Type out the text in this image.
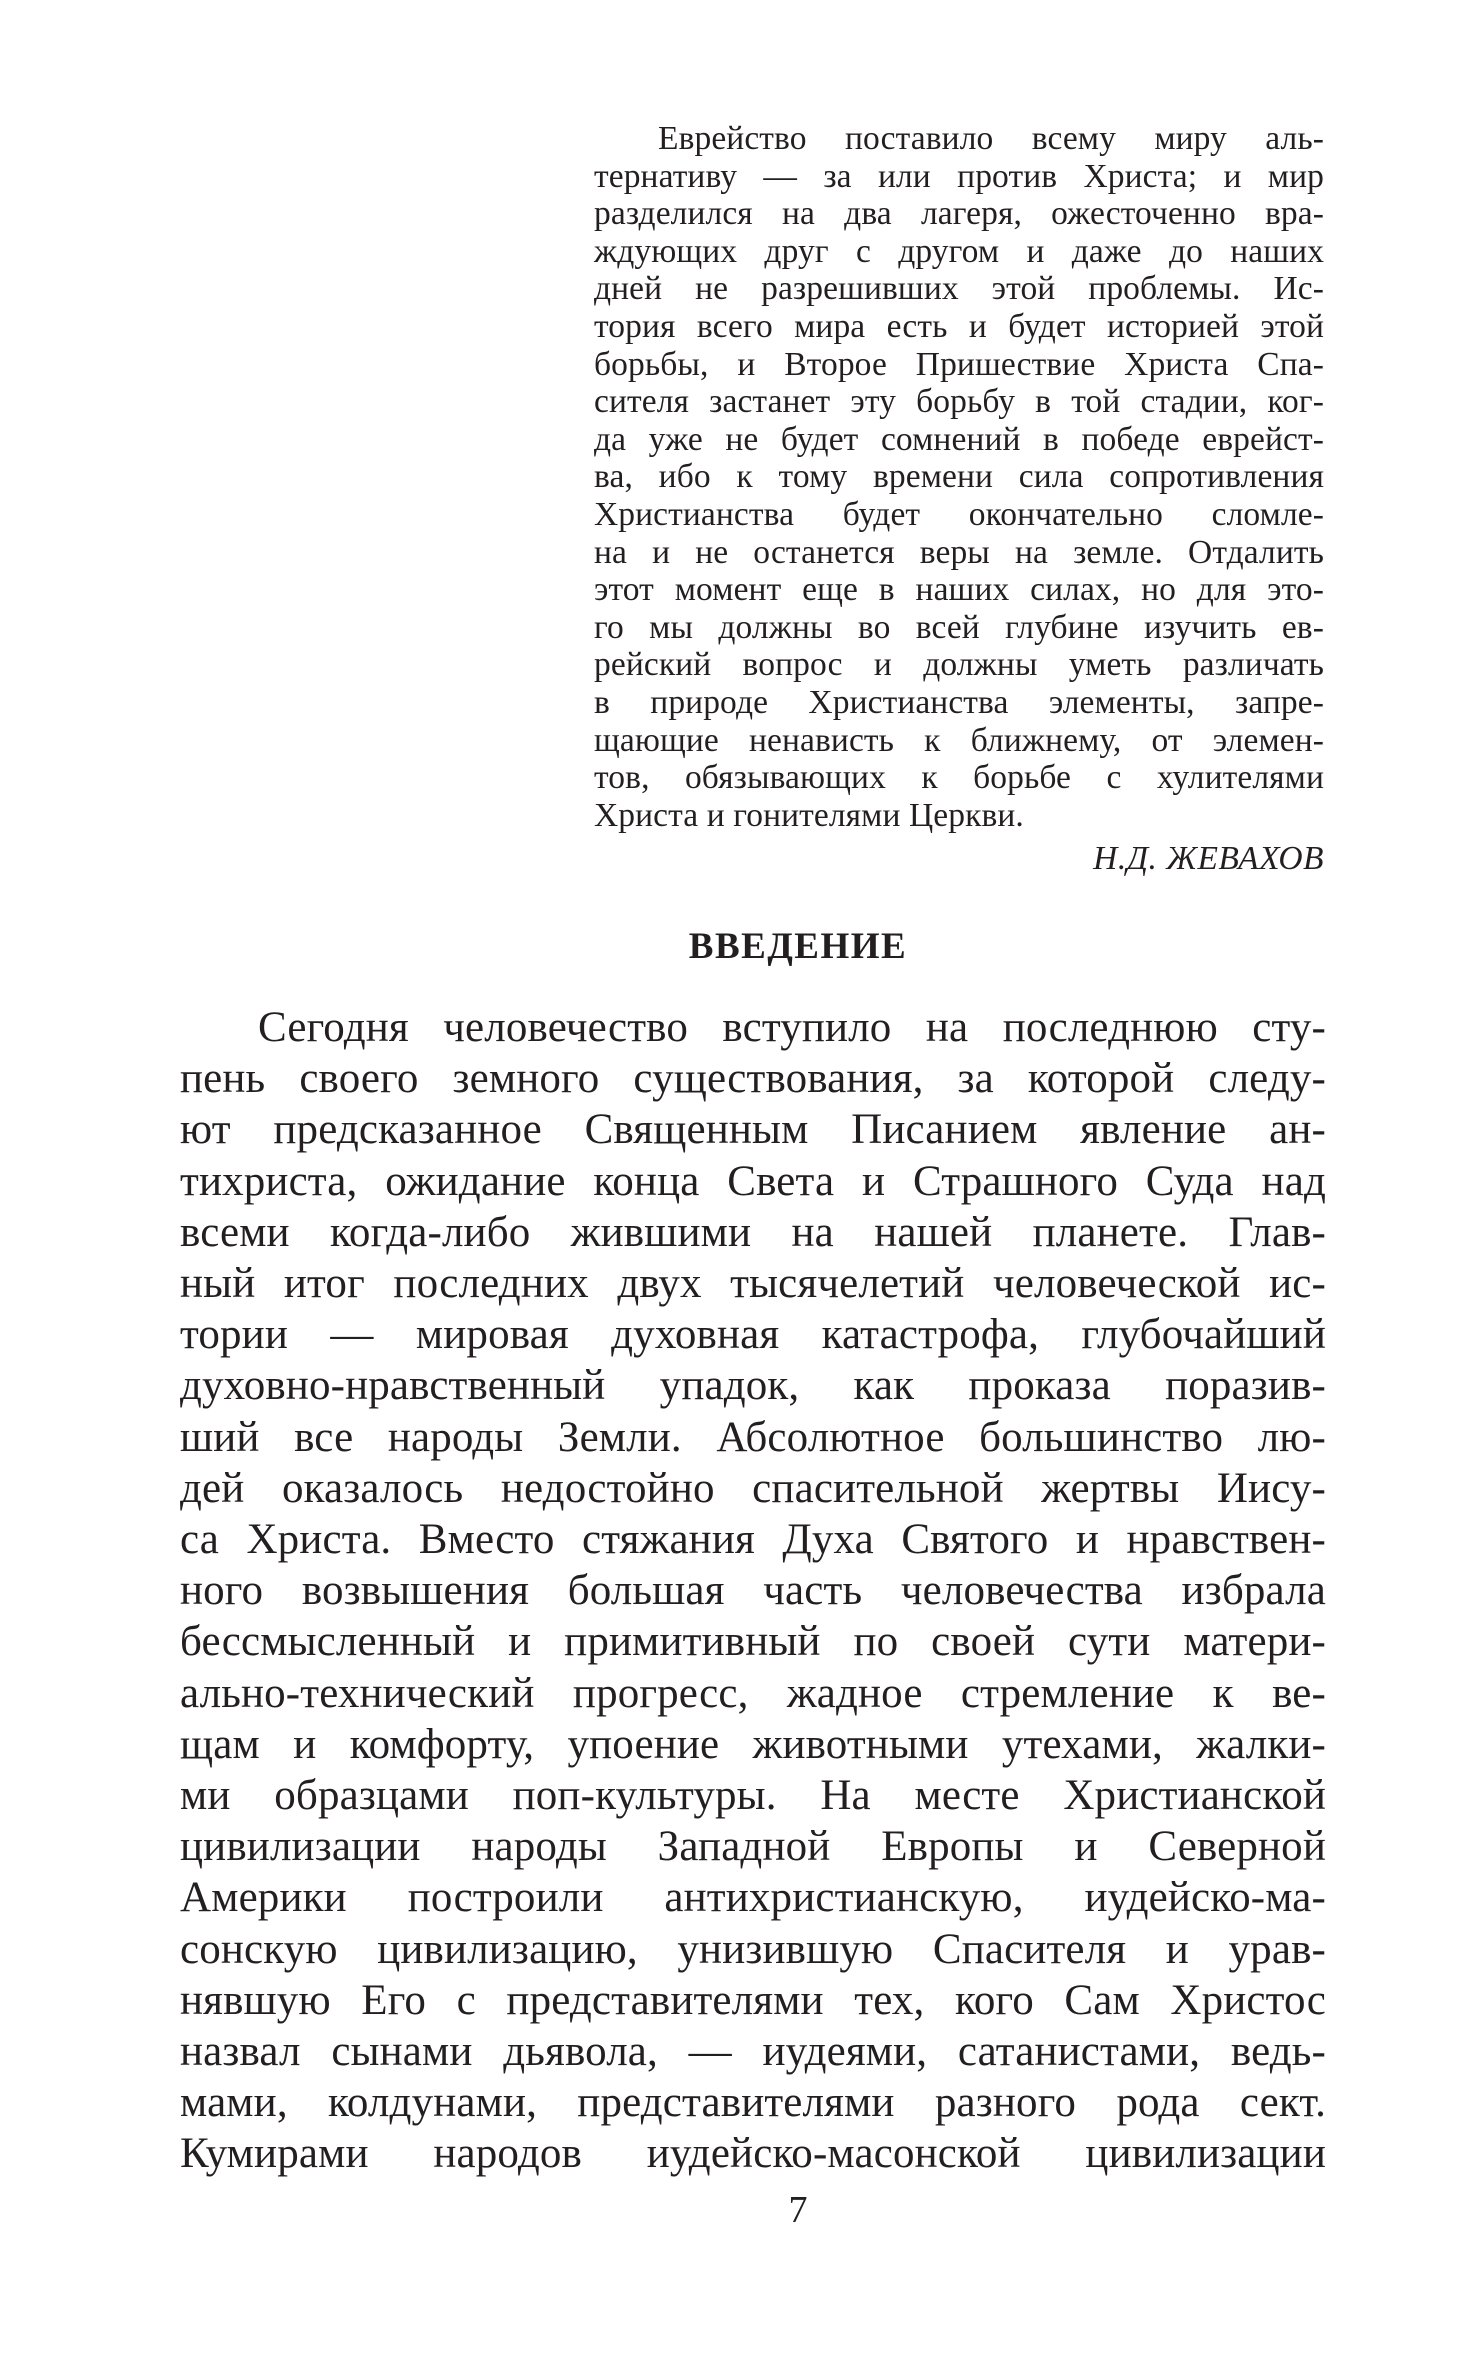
Еврейство поставило всему миру аль-
тернативу — за или против Христа; и мир
разделился на два лагеря, ожесточенно вра-
ждующих друг с другом и даже до наших
дней не разрешивших этой проблемы. Ис-
тория всего мира есть и будет историей этой
борьбы, и Второе Пришествие Христа Спа-
сителя застанет эту борьбу в той стадии, ког-
да уже не будет сомнений в победе еврейст-
ва, ибо к тому времени сила сопротивления
Христианства будет окончательно сломле-
на и не останется веры на земле. Отдалить
этот момент еще в наших силах, но для это-
го мы должны во всей глубине изучить ев-
рейский вопрос и должны уметь различать
в природе Христианства элементы, запре-
щающие ненависть к ближнему, от элемен-
тов, обязывающих к борьбе с хулителями
Христа и гонителями Церкви.
Н.Д. ЖЕВАХОВ
ВВЕДЕНИЕ
Сегодня человечество вступило на последнюю сту-
пень своего земного существования, за которой следу-
ют предсказанное Священным Писанием явление ан-
тихриста, ожидание конца Света и Страшного Суда над
всеми когда-либо жившими на нашей планете. Глав-
ный итог последних двух тысячелетий человеческой ис-
тории — мировая духовная катастрофа, глубочайший
духовно-нравственный упадок, как проказа поразив-
ший все народы Земли. Абсолютное большинство лю-
дей оказалось недостойно спасительной жертвы Иису-
са Христа. Вместо стяжания Духа Святого и нравствен-
ного возвышения большая часть человечества избрала
бессмысленный и примитивный по своей сути матери-
ально-технический прогресс, жадное стремление к ве-
щам и комфорту, упоение животными утехами, жалки-
ми образцами поп-культуры. На месте Христианской
цивилизации народы Западной Европы и Северной
Америки построили антихристианскую, иудейско-ма-
сонскую цивилизацию, унизившую Спасителя и урав-
нявшую Его с представителями тех, кого Сам Христос
назвал сынами дьявола, — иудеями, сатанистами, ведь-
мами, колдунами, представителями разного рода сект.
Кумирами народов иудейско-масонской цивилизации
7
